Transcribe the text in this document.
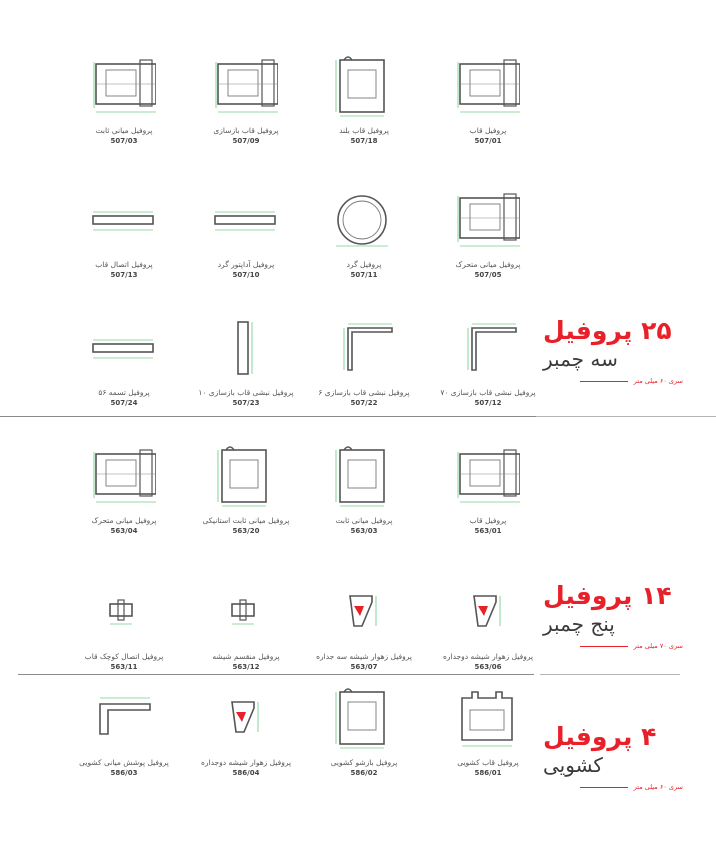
پروفیل قاب
507/01
پروفیل قاب بلند
507/18
پروفیل قاب بازسازی
507/09
پروفیل میانی ثابت
507/03
پروفیل میانی متحرک
507/05
پروفیل گرد
507/11
پروفیل آداپتور گرد
507/10
پروفیل اتصال قاب
507/13
پروفیل نبشی قاب بازسازی ۷۰
507/12
پروفیل نبشی قاب بازسازی ۶
507/22
پروفیل نبشی قاب بازسازی ۱۰
507/23
پروفیل تسمه ۵۶
507/24
پروفیل قاب
563/01
پروفیل میانی ثابت
563/03
پروفیل میانی ثابت استانیکی
563/20
پروفیل میانی متحرک
563/04
پروفیل زهوار شیشه دوجداره
563/06
پروفیل زهوار شیشه سه جداره
563/07
پروفیل منقسم شیشه
563/12
پروفیل اتصال کوچک قاب
563/11
پروفیل قاب کشویی
586/01
پروفیل بازشو کشویی
586/02
پروفیل زهوار شیشه دوجداره
586/04
پروفیل پوشش میانی کشویی
586/03
۲۵ پروفیل
سه چمبر
سری ۶۰ میلی متر
۱۴ پروفیل
پنج چمبر
سری ۷۰ میلی متر
۴ پروفیل
کشویی
سری ۶۰ میلی متر
